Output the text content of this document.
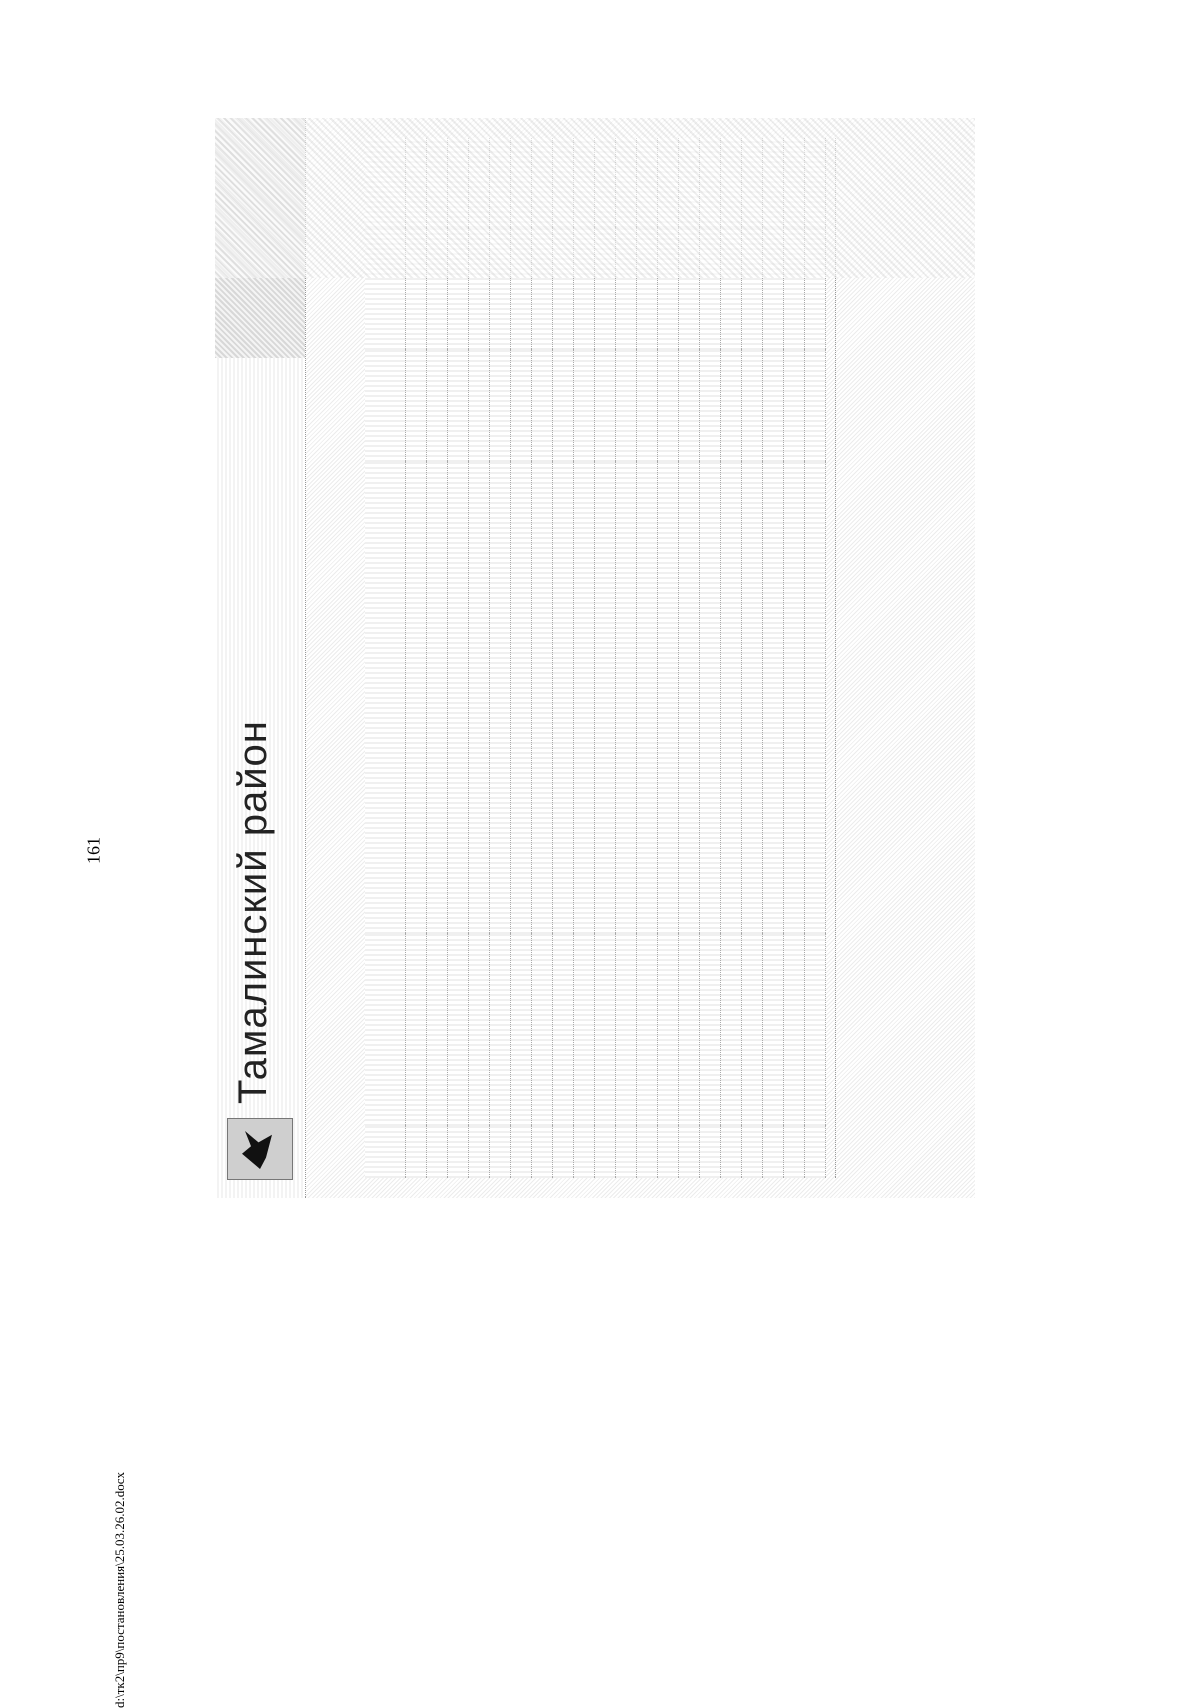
161	Тамалинский район

d:\тк2\пр9\постановления\25.03.26.02.docx
